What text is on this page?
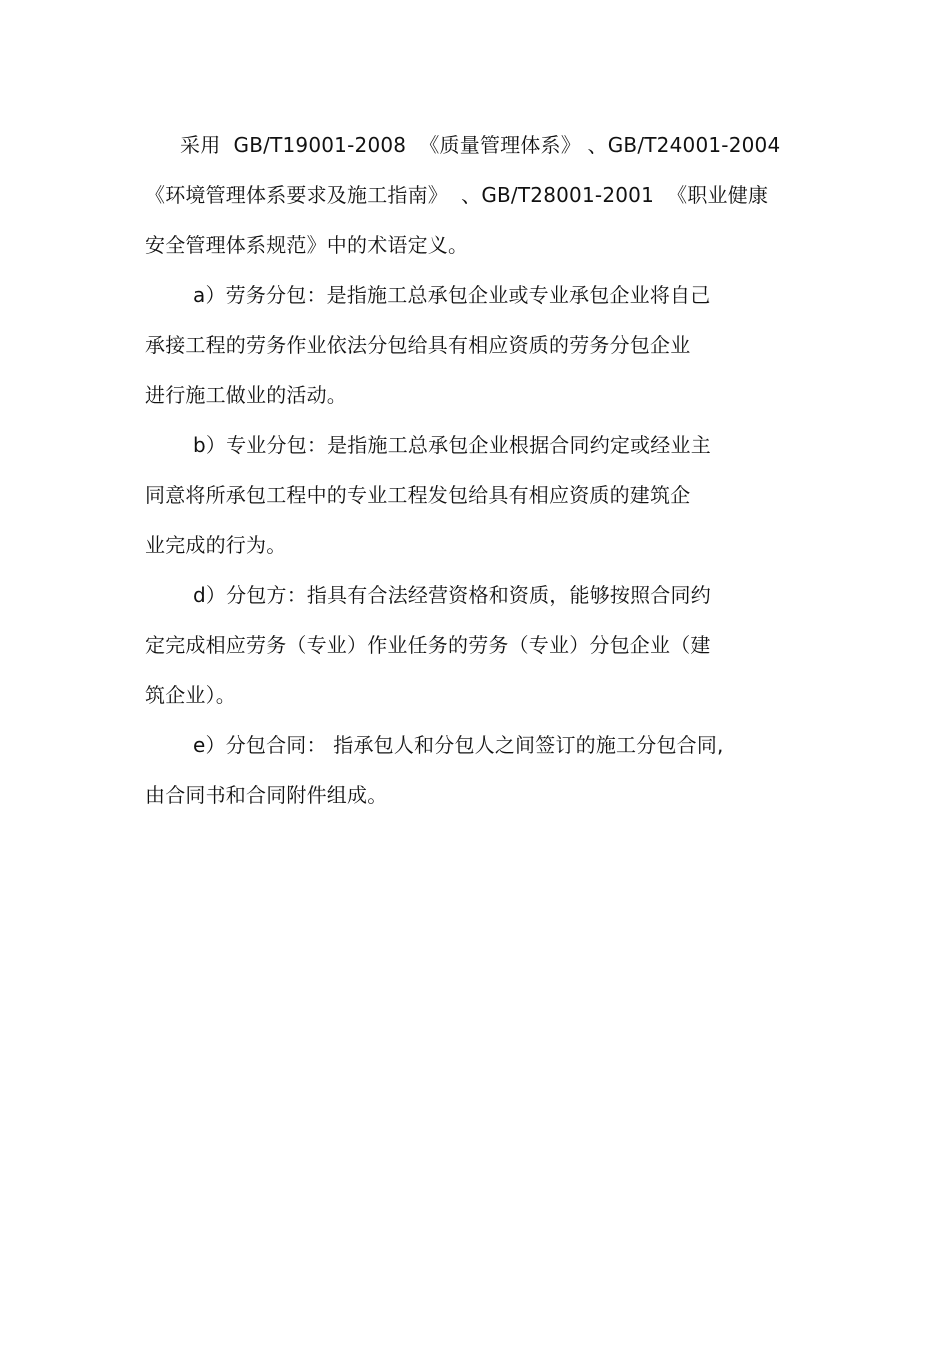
采用  GB/T19001-2008  《质量管理体系》 、GB/T24001-2004
《环境管理体系要求及施工指南》  、GB/T28001-2001  《职业健康
安全管理体系规范》中的术语定义。
a）劳务分包：是指施工总承包企业或专业承包企业将自己
承接工程的劳务作业依法分包给具有相应资质的劳务分包企业
进行施工做业的活动。
b）专业分包：是指施工总承包企业根据合同约定或经业主
同意将所承包工程中的专业工程发包给具有相应资质的建筑企
业完成的行为。
d）分包方：指具有合法经营资格和资质，能够按照合同约
定完成相应劳务（专业）作业任务的劳务（专业）分包企业（建
筑企业）。
e）分包合同： 指承包人和分包人之间签订的施工分包合同,
由合同书和合同附件组成。
